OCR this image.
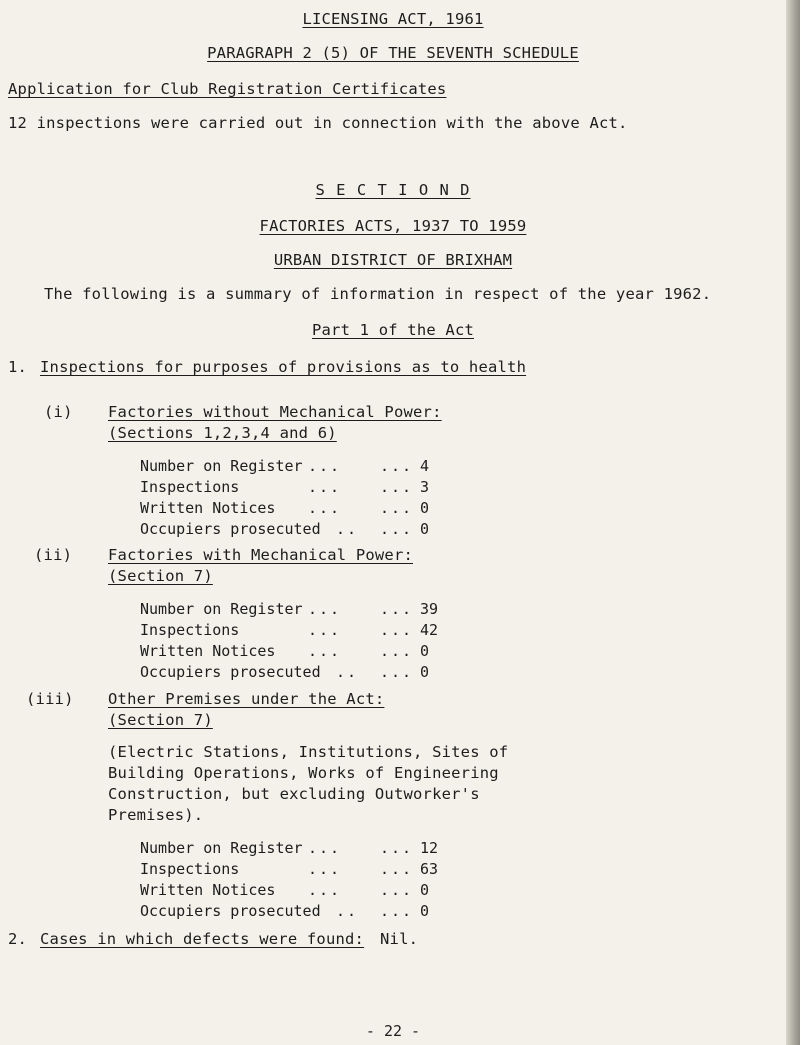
LICENSING ACT, 1961
PARAGRAPH 2 (5) OF THE SEVENTH SCHEDULE
Application for Club Registration Certificates
12 inspections were carried out in connection with the above Act.
S E C T I O N D
FACTORIES ACTS, 1937 TO 1959
URBAN DISTRICT OF BRIXHAM
The following is a summary of information in respect of the year 1962.
Part 1 of the Act
1. Inspections for purposes of provisions as to health
(i) Factories without Mechanical Power:
(Sections 1,2,3,4 and 6)
Number on Register ...	... 4
Inspections	...	... 3
Written Notices ...	... 0
Occupiers prosecuted .. ... 0
(ii) Factories with Mechanical Power:
(Section 7)
Number on Register ...	... 39
Inspections	...	... 42
Written Notices ...	... 0
Occupiers prosecuted .. ... 0
(iii) Other Premises under the Act:
(Section 7)
(Electric Stations, Institutions, Sites of
Building Operations, Works of Engineering
Construction, but excluding Outworker's
Premises).
Number on Register ...	... 12
Inspections	...	... 63
Written Notices ...	... 0
Occupiers prosecuted .. ... 0
2. Cases in which defects were found: Nil.
- 22 -
